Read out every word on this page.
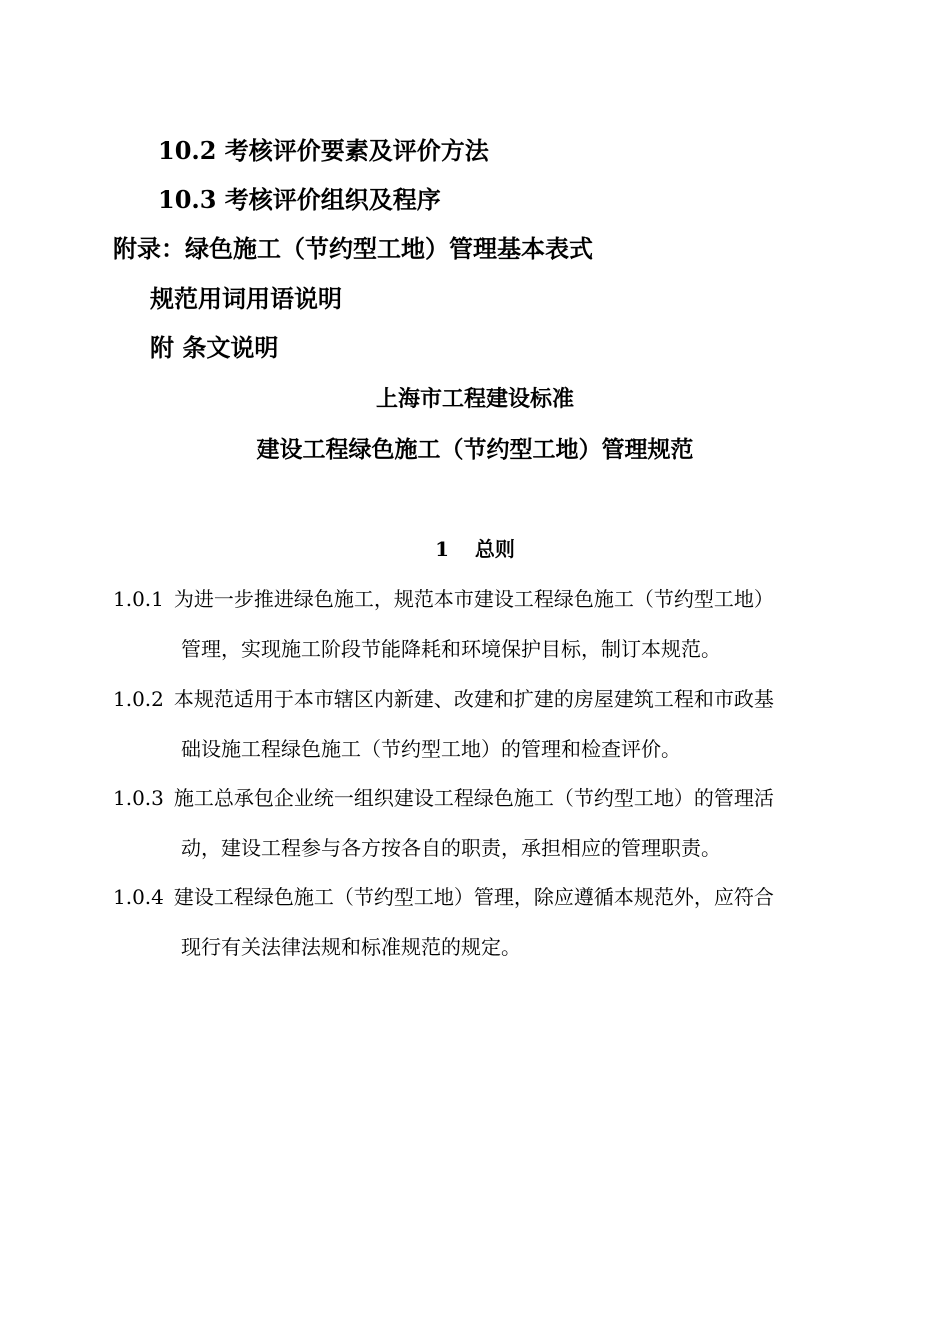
10.2 考核评价要素及评价方法
10.3 考核评价组织及程序
附录：绿色施工（节约型工地）管理基本表式
规范用词用语说明
附 条文说明
上海市工程建设标准
建设工程绿色施工（节约型工地）管理规范
1 总则
1.0.1 为进一步推进绿色施工，规范本市建设工程绿色施工（节约型工地）
管理，实现施工阶段节能降耗和环境保护目标，制订本规范。
1.0.2 本规范适用于本市辖区内新建、改建和扩建的房屋建筑工程和市政基
础设施工程绿色施工（节约型工地）的管理和检查评价。
1.0.3 施工总承包企业统一组织建设工程绿色施工（节约型工地）的管理活
动，建设工程参与各方按各自的职责，承担相应的管理职责。
1.0.4 建设工程绿色施工（节约型工地）管理，除应遵循本规范外，应符合
现行有关法律法规和标准规范的规定。
